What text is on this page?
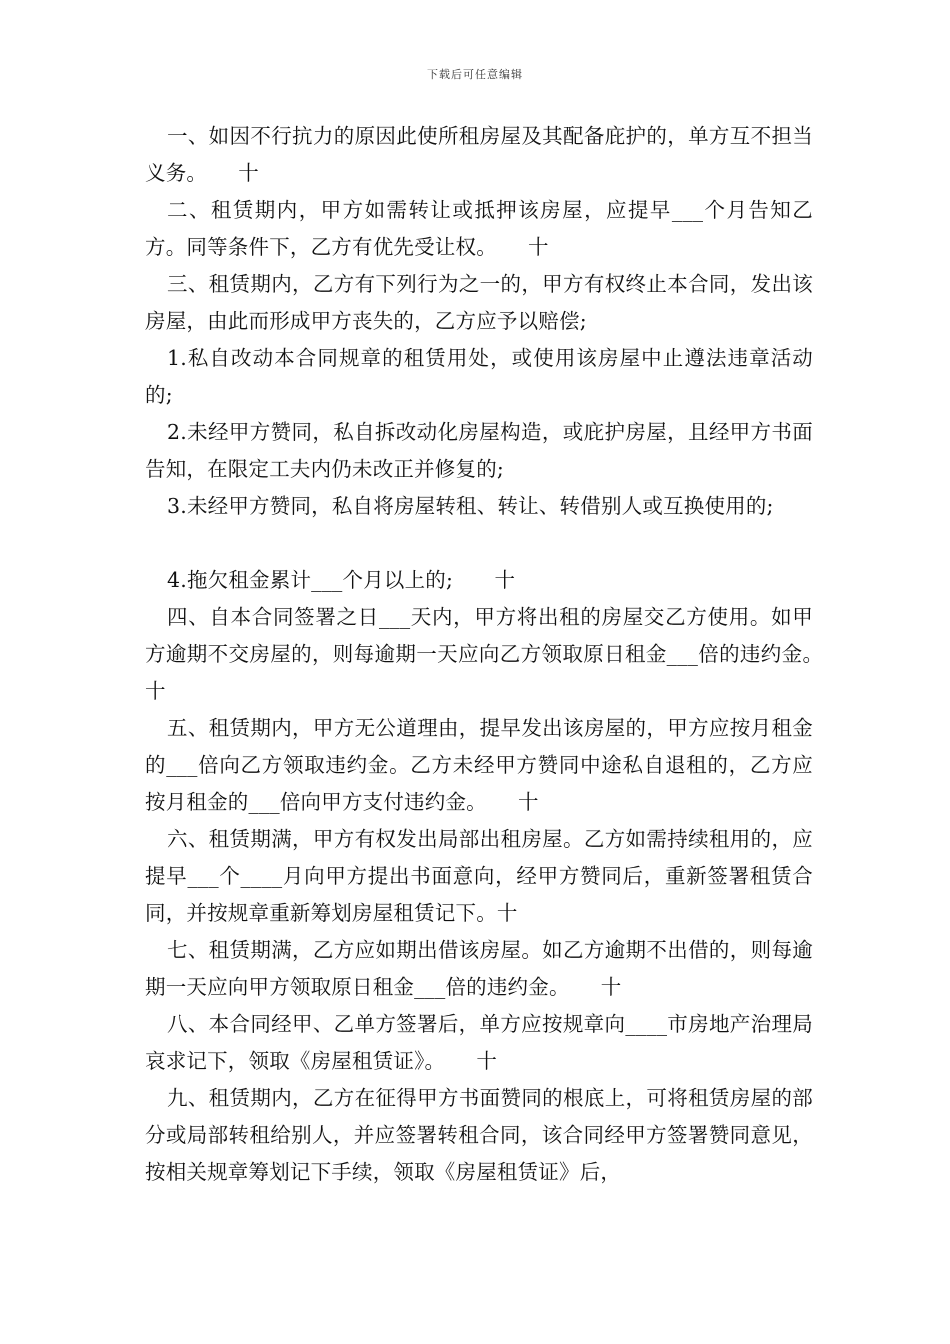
下载后可任意编辑

一、如因不行抗力的原因此使所租房屋及其配备庇护的，单方互不担当义务。　　十

二、租赁期内，甲方如需转让或抵押该房屋，应提早___个月告知乙方。同等条件下，乙方有优先受让权。　　十

三、租赁期内，乙方有下列行为之一的，甲方有权终止本合同，发出该房屋，由此而形成甲方丧失的，乙方应予以赔偿;

1.私自改动本合同规章的租赁用处，或使用该房屋中止遵法违章活动的;

2.未经甲方赞同，私自拆改动化房屋构造，或庇护房屋，且经甲方书面告知，在限定工夫内仍未改正并修复的;

3.未经甲方赞同，私自将房屋转租、转让、转借别人或互换使用的;

4.拖欠租金累计___个月以上的;　　十

四、自本合同签署之日___天内，甲方将出租的房屋交乙方使用。如甲方逾期不交房屋的，则每逾期一天应向乙方领取原日租金___倍的违约金。　　十

五、租赁期内，甲方无公道理由，提早发出该房屋的，甲方应按月租金的___倍向乙方领取违约金。乙方未经甲方赞同中途私自退租的，乙方应按月租金的___倍向甲方支付违约金。　　十

六、租赁期满，甲方有权发出局部出租房屋。乙方如需持续租用的，应提早___个____月向甲方提出书面意向，经甲方赞同后，重新签署租赁合同，并按规章重新筹划房屋租赁记下。十

七、租赁期满，乙方应如期出借该房屋。如乙方逾期不出借的，则每逾期一天应向甲方领取原日租金___倍的违约金。　　十

八、本合同经甲、乙单方签署后，单方应按规章向____市房地产治理局哀求记下，领取《房屋租赁证》。　　十

九、租赁期内，乙方在征得甲方书面赞同的根底上，可将租赁房屋的部分或局部转租给别人，并应签署转租合同，该合同经甲方签署赞同意见，按相关规章筹划记下手续，领取《房屋租赁证》后，
